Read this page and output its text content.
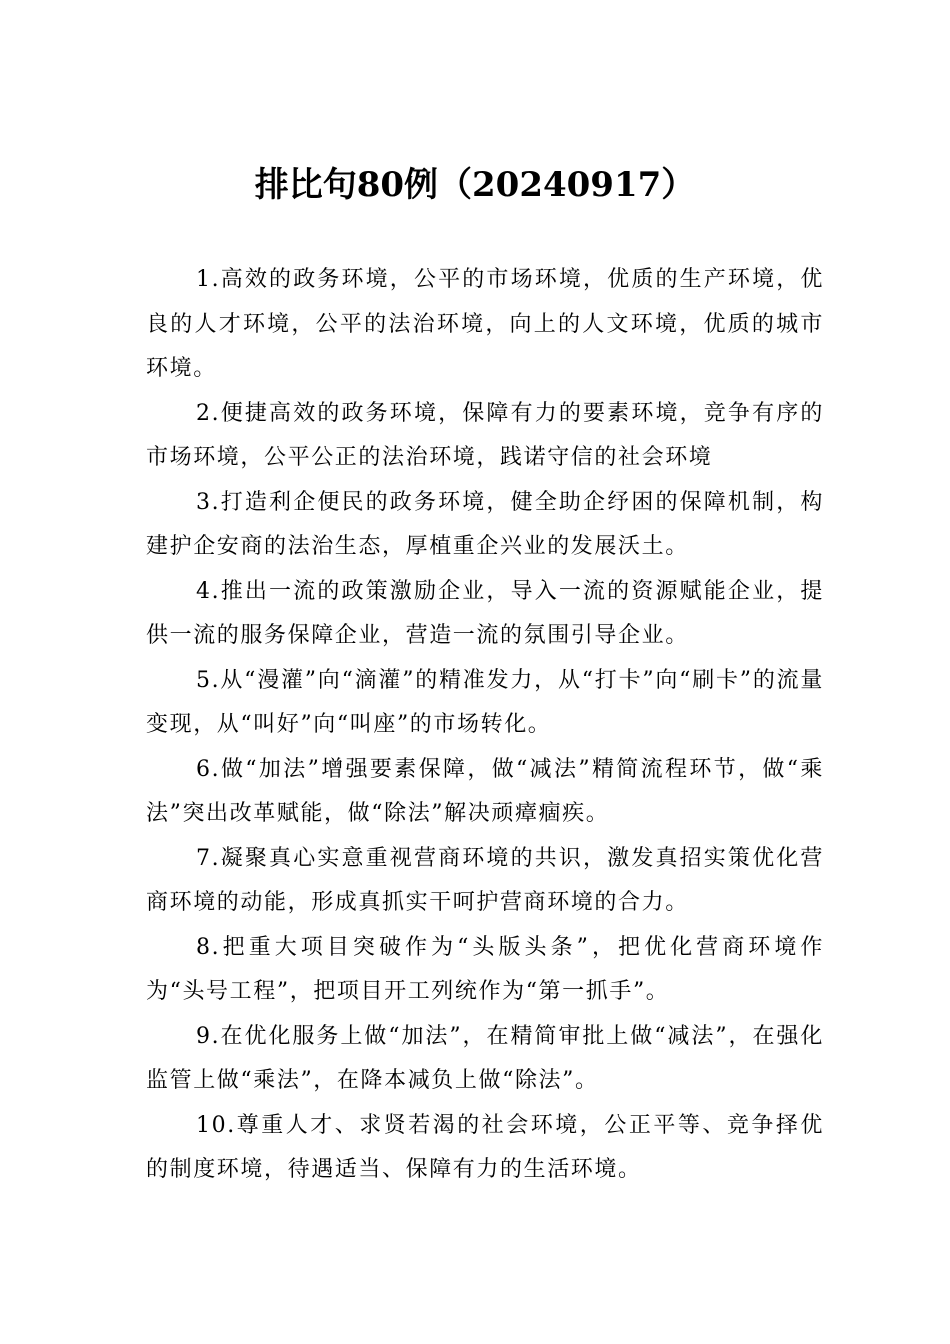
排比句80例（20240917）

1.高效的政务环境，公平的市场环境，优质的生产环境，优良的人才环境，公平的法治环境，向上的人文环境，优质的城市环境。

2.便捷高效的政务环境，保障有力的要素环境，竞争有序的市场环境，公平公正的法治环境，践诺守信的社会环境

3.打造利企便民的政务环境，健全助企纾困的保障机制，构建护企安商的法治生态，厚植重企兴业的发展沃土。

4.推出一流的政策激励企业，导入一流的资源赋能企业，提供一流的服务保障企业，营造一流的氛围引导企业。

5.从“漫灌”向“滴灌”的精准发力，从“打卡”向“刷卡”的流量变现，从“叫好”向“叫座”的市场转化。

6.做“加法”增强要素保障，做“减法”精简流程环节，做“乘法”突出改革赋能，做“除法”解决顽瘴痼疾。

7.凝聚真心实意重视营商环境的共识，激发真招实策优化营商环境的动能，形成真抓实干呵护营商环境的合力。

8.把重大项目突破作为“头版头条”，把优化营商环境作为“头号工程”，把项目开工列统作为“第一抓手”。

9.在优化服务上做“加法”，在精简审批上做“减法”，在强化监管上做“乘法”，在降本减负上做“除法”。

10.尊重人才、求贤若渴的社会环境，公正平等、竞争择优的制度环境，待遇适当、保障有力的生活环境。
